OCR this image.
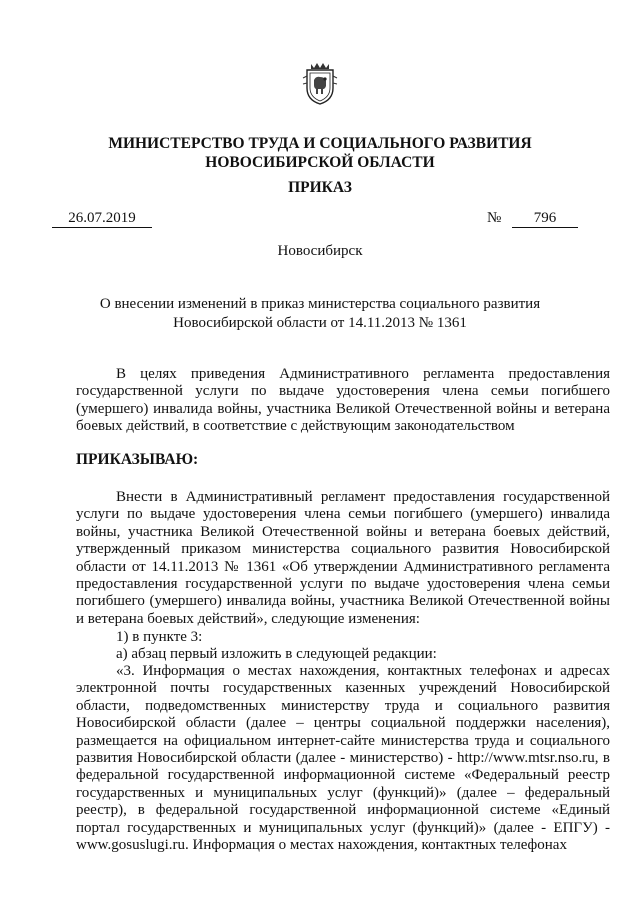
МИНИСТЕРСТВО ТРУДА И СОЦИАЛЬНОГО РАЗВИТИЯ
НОВОСИБИРСКОЙ ОБЛАСТИ
ПРИКАЗ
26.07.2019	№	796
Новосибирск
О внесении изменений в приказ министерства социального развития
Новосибирской области от 14.11.2013 № 1361

В целях приведения Административного регламента предоставления государственной услуги по выдаче удостоверения члена семьи погибшего (умершего) инвалида войны, участника Великой Отечественной войны и ветерана боевых действий, в соответствие с действующим законодательством

ПРИКАЗЫВАЮ:

Внести в Административный регламент предоставления государственной услуги по выдаче удостоверения члена семьи погибшего (умершего) инвалида войны, участника Великой Отечественной войны и ветерана боевых действий, утвержденный приказом министерства социального развития Новосибирской области от 14.11.2013 № 1361 «Об утверждении Административного регламента предоставления государственной услуги по выдаче удостоверения члена семьи погибшего (умершего) инвалида войны, участника Великой Отечественной войны и ветерана боевых действий», следующие изменения:

1) в пункте 3:

а) абзац первый изложить в следующей редакции:

«3. Информация о местах нахождения, контактных телефонах и адресах электронной почты государственных казенных учреждений Новосибирской области, подведомственных министерству труда и социального развития Новосибирской области (далее – центры социальной поддержки населения), размещается на официальном интернет-сайте министерства труда и социального развития Новосибирской области (далее - министерство) - http://www.mtsr.nso.ru, в федеральной государственной информационной системе «Федеральный реестр государственных и муниципальных услуг (функций)» (далее – федеральный реестр), в федеральной государственной информационной системе «Единый портал государственных и муниципальных услуг (функций)» (далее - ЕПГУ) - www.gosuslugi.ru. Информация о местах нахождения, контактных телефонах
